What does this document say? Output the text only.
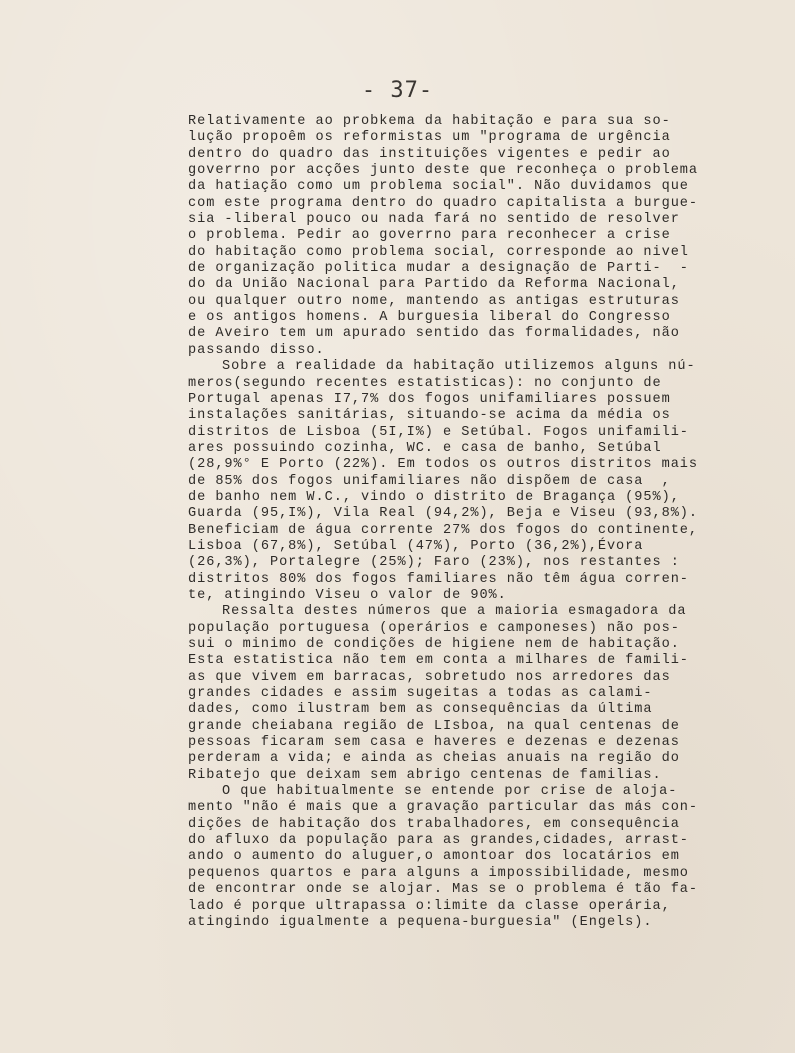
- 37-
Relativamente ao probkema da habitação e para sua so-
lução propoêm os reformistas um "programa de urgência
dentro do quadro das instituições vigentes e pedir ao
goverrno por acções junto deste que reconheça o problema
da hatiação como um problema social". Não duvidamos que
com este programa dentro do quadro capitalista a burgue-
sia -liberal pouco ou nada fará no sentido de resolver
o problema. Pedir ao goverrno para reconhecer a crise
do habitação como problema social, corresponde ao nivel
de organização politica mudar a designação de Parti-  -
do da União Nacional para Partido da Reforma Nacional,
ou qualquer outro nome, mantendo as antigas estruturas
e os antigos homens. A burguesia liberal do Congresso
de Aveiro tem um apurado sentido das formalidades, não
passando disso.
Sobre a realidade da habitação utilizemos alguns nú-
meros(segundo recentes estatisticas): no conjunto de
Portugal apenas I7,7% dos fogos unifamiliares possuem
instalações sanitárias, situando-se acima da média os
distritos de Lisboa (5I,I%) e Setúbal. Fogos unifamili-
ares possuindo cozinha, WC. e casa de banho, Setúbal
(28,9%° E Porto (22%). Em todos os outros distritos mais
de 85% dos fogos unifamiliares não dispõem de casa  ,
de banho nem W.C., vindo o distrito de Bragança (95%),
Guarda (95,I%), Vila Real (94,2%), Beja e Viseu (93,8%).
Beneficiam de água corrente 27% dos fogos do continente,
Lisboa (67,8%), Setúbal (47%), Porto (36,2%),Évora
(26,3%), Portalegre (25%); Faro (23%), nos restantes :
distritos 80% dos fogos familiares não têm água corren-
te, atingindo Viseu o valor de 90%.
Ressalta destes números que a maioria esmagadora da
população portuguesa (operários e camponeses) não pos-
sui o minimo de condições de higiene nem de habitação.
Esta estatistica não tem em conta a milhares de famili-
as que vivem em barracas, sobretudo nos arredores das
grandes cidades e assim sugeitas a todas as calami-
dades, como ilustram bem as consequências da última
grande cheiabana região de LIsboa, na qual centenas de
pessoas ficaram sem casa e haveres e dezenas e dezenas
perderam a vida; e ainda as cheias anuais na região do
Ribatejo que deixam sem abrigo centenas de familias.
O que habitualmente se entende por crise de aloja-
mento "não é mais que a gravação particular das más con-
dições de habitação dos trabalhadores, em consequência
do afluxo da população para as grandes,cidades, arrast-
ando o aumento do aluguer,o amontoar dos locatários em
pequenos quartos e para alguns a impossibilidade, mesmo
de encontrar onde se alojar. Mas se o problema é tão fa-
lado é porque ultrapassa o:limite da classe operária,
atingindo igualmente a pequena-burguesia" (Engels).
